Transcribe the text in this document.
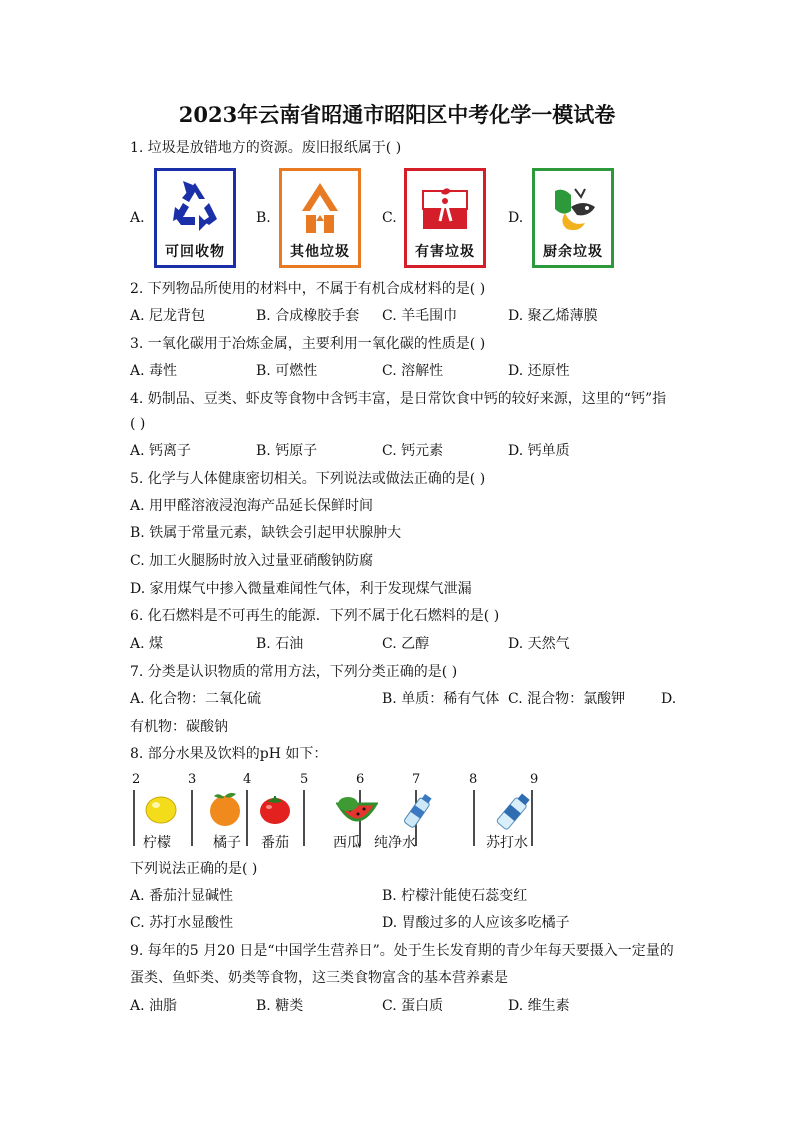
2023年云南省昭通市昭阳区中考化学一模试卷
1. 垃圾是放错地方的资源。废旧报纸属于( )
A.
可回收物
B.
其他垃圾
C.
有害垃圾
D.
厨余垃圾
2. 下列物品所使用的材料中，不属于有机合成材料的是( )
A. 尼龙背包	B. 合成橡胶手套 C. 羊毛围巾	D. 聚乙烯薄膜
3. 一氧化碳用于冶炼金属，主要利用一氧化碳的性质是( )
A. 毒性	B. 可燃性	C. 溶解性	D. 还原性
4. 奶制品、豆类、虾皮等食物中含钙丰富，是日常饮食中钙的较好来源，这里的“钙”指
( )
A. 钙离子	B. 钙原子	C. 钙元素	D. 钙单质
5. 化学与人体健康密切相关。下列说法或做法正确的是( )
A. 用甲醛溶液浸泡海产品延长保鲜时间
B. 铁属于常量元素，缺铁会引起甲状腺肿大
C. 加工火腿肠时放入过量亚硝酸钠防腐
D. 家用煤气中掺入微量难闻性气体，利于发现煤气泄漏
6. 化石燃料是不可再生的能源．下列不属于化石燃料的是( )
A. 煤	B. 石油	C. 乙醇	D. 天然气
7. 分类是认识物质的常用方法，下列分类正确的是( )
A. 化合物：二氧化硫	B. 单质：稀有气体 C. 混合物：氯酸钾	D.
有机物：碳酸钠
8. 部分水果及饮料的pH 如下：
2	3	4	5	6	7	8	9
柠檬	橘子 番茄	西瓜 纯净水	苏打水
下列说法正确的是( )
A. 番茄汁显碱性	B. 柠檬汁能使石蕊变红
C. 苏打水显酸性	D. 胃酸过多的人应该多吃橘子
9. 每年的5 月20 日是“中国学生营养日”。处于生长发育期的青少年每天要摄入一定量的
蛋类、鱼虾类、奶类等食物，这三类食物富含的基本营养素是
A. 油脂	B. 糖类	C. 蛋白质	D. 维生素
